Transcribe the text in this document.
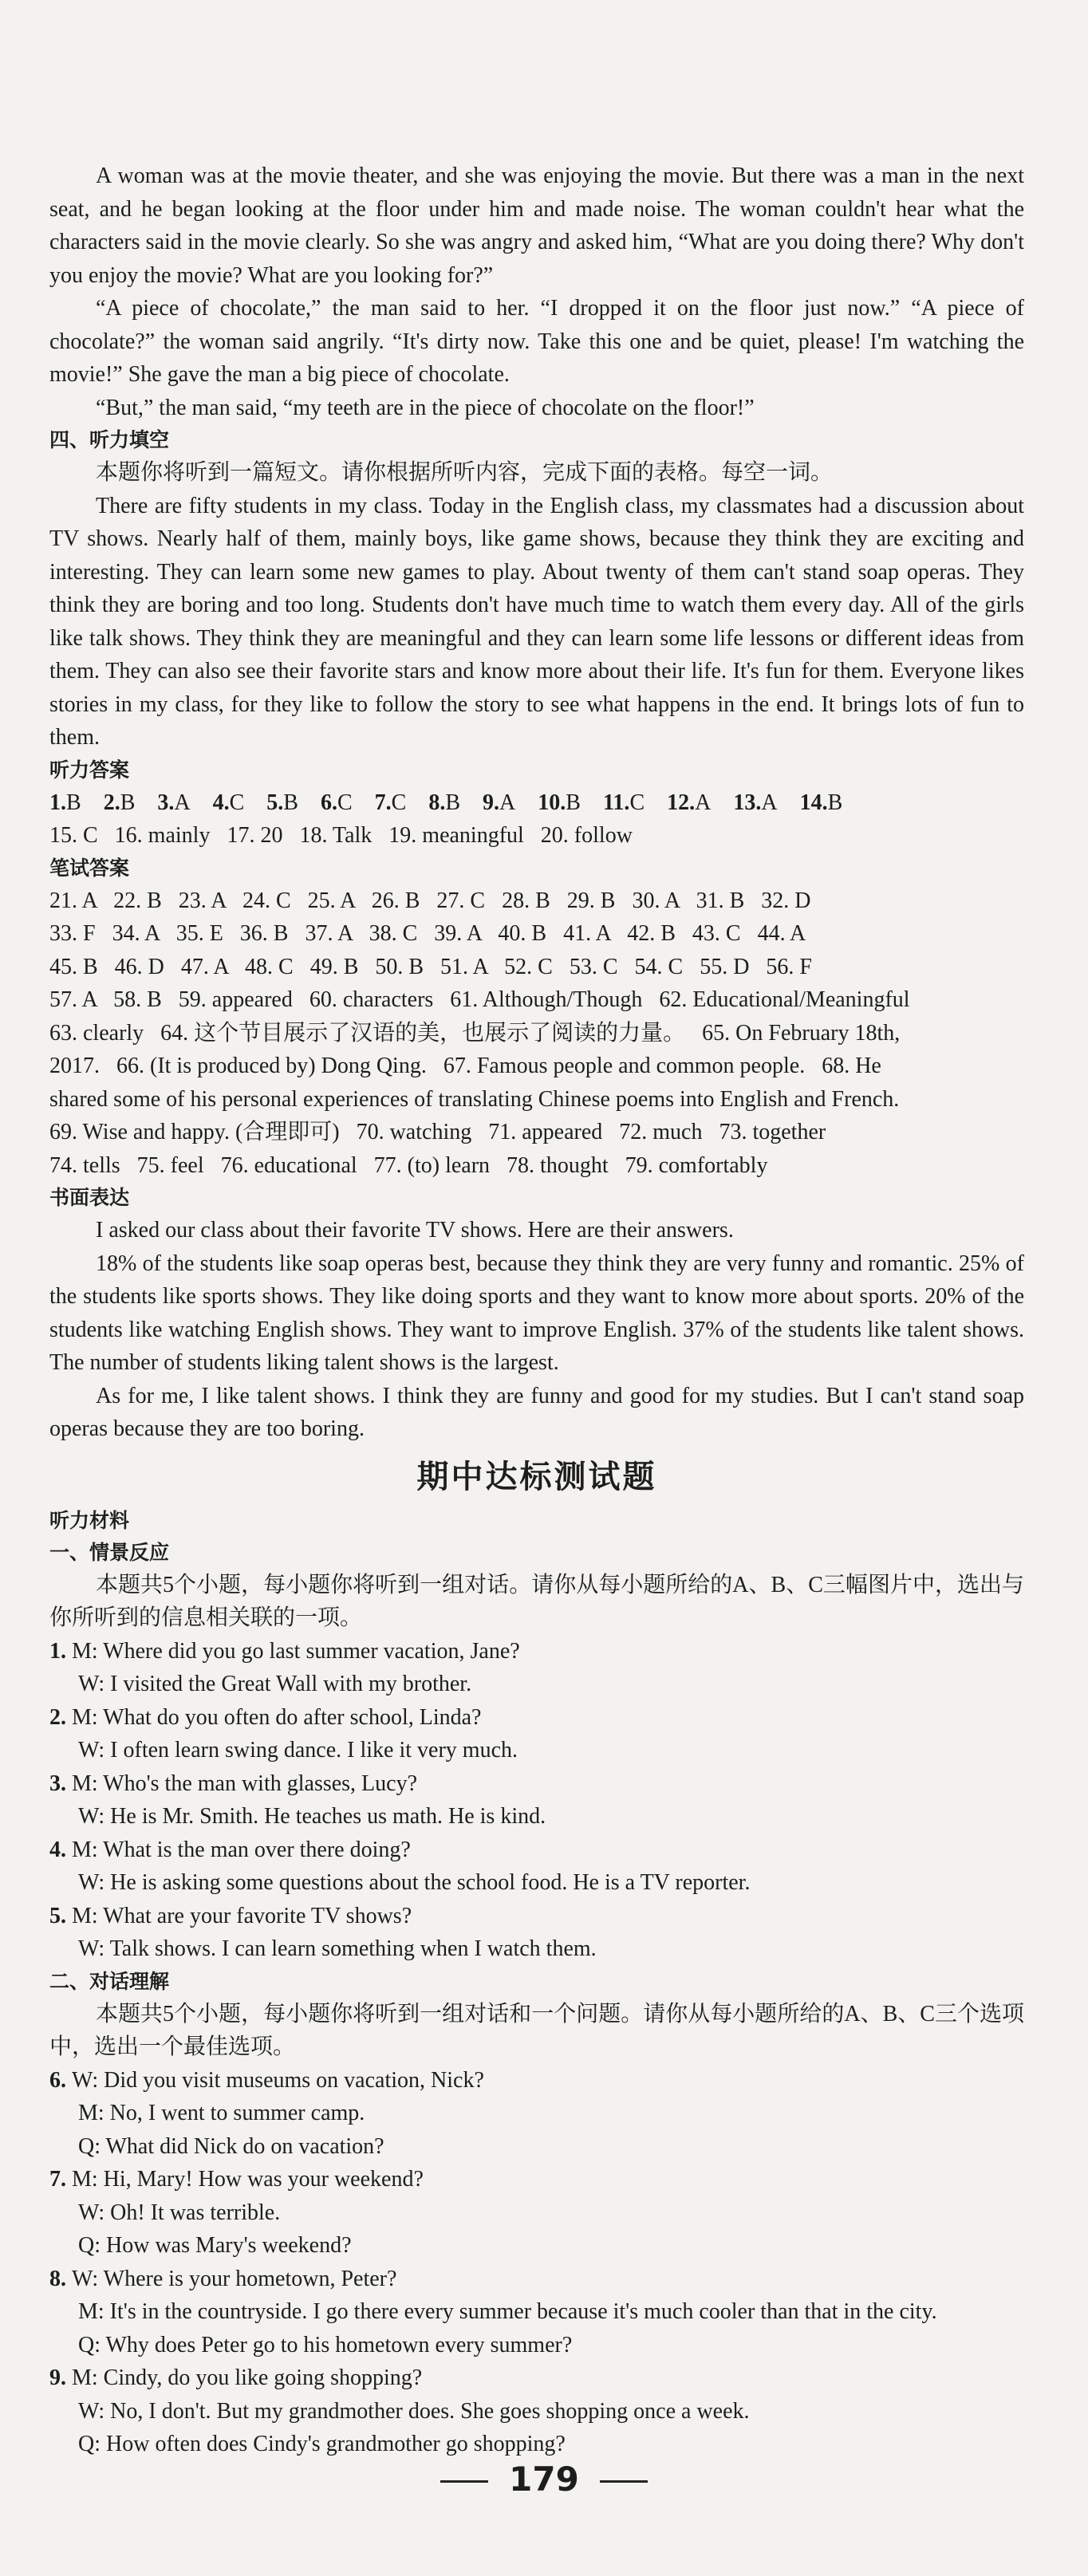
A woman was at the movie theater, and she was enjoying the movie. But there was a man in the next seat, and he began looking at the floor under him and made noise. The woman couldn't hear what the characters said in the movie clearly. So she was angry and asked him, “What are you doing there? Why don't you enjoy the movie? What are you looking for?”

“A piece of chocolate,” the man said to her. “I dropped it on the floor just now.” “A piece of chocolate?” the woman said angrily. “It's dirty now. Take this one and be quiet, please! I'm watching the movie!” She gave the man a big piece of chocolate.

“But,” the man said, “my teeth are in the piece of chocolate on the floor!”

四、听力填空

本题你将听到一篇短文。请你根据所听内容，完成下面的表格。每空一词。

There are fifty students in my class. Today in the English class, my classmates had a discussion about TV shows. Nearly half of them, mainly boys, like game shows, because they think they are exciting and interesting. They can learn some new games to play. About twenty of them can't stand soap operas. They think they are boring and too long. Students don't have much time to watch them every day. All of the girls like talk shows. They think they are meaningful and they can learn some life lessons or different ideas from them. They can also see their favorite stars and know more about their life. It's fun for them. Everyone likes stories in my class, for they like to follow the story to see what happens in the end. It brings lots of fun to them.

听力答案

1.B  2.B  3.A  4.C  5.B  6.C  7.C  8.B  9.A  10.B  11.C  12.A  13.A  14.B

15. C   16. mainly   17. 20   18. Talk   19. meaningful   20. follow

笔试答案

21. A   22. B   23. A   24. C   25. A   26. B   27. C   28. B   29. B   30. A   31. B   32. D

33. F   34. A   35. E   36. B   37. A   38. C   39. A   40. B   41. A   42. B   43. C   44. A

45. B   46. D   47. A   48. C   49. B   50. B   51. A   52. C   53. C   54. C   55. D   56. F

57. A   58. B   59. appeared   60. characters   61. Although/Though   62. Educational/Meaningful

63. clearly   64. 这个节目展示了汉语的美，也展示了阅读的力量。   65. On February 18th,

2017.   66. (It is produced by) Dong Qing.   67. Famous people and common people.   68. He

shared some of his personal experiences of translating Chinese poems into English and French.

69. Wise and happy. (合理即可)   70. watching   71. appeared   72. much   73. together

74. tells   75. feel   76. educational   77. (to) learn   78. thought   79. comfortably

书面表达

I asked our class about their favorite TV shows. Here are their answers.

18% of the students like soap operas best, because they think they are very funny and romantic. 25% of the students like sports shows. They like doing sports and they want to know more about sports. 20% of the students like watching English shows. They want to improve English. 37% of the students like talent shows. The number of students liking talent shows is the largest.

As for me, I like talent shows. I think they are funny and good for my studies. But I can't stand soap operas because they are too boring.

期中达标测试题
听力材料
一、情景反应

本题共5个小题，每小题你将听到一组对话。请你从每小题所给的A、B、C三幅图片中，选出与你所听到的信息相关联的一项。

1. M: Where did you go last summer vacation, Jane?

W: I visited the Great Wall with my brother.

2. M: What do you often do after school, Linda?

W: I often learn swing dance. I like it very much.

3. M: Who's the man with glasses, Lucy?

W: He is Mr. Smith. He teaches us math. He is kind.

4. M: What is the man over there doing?

W: He is asking some questions about the school food. He is a TV reporter.

5. M: What are your favorite TV shows?

W: Talk shows. I can learn something when I watch them.

二、对话理解

本题共5个小题，每小题你将听到一组对话和一个问题。请你从每小题所给的A、B、C三个选项中，选出一个最佳选项。

6. W: Did you visit museums on vacation, Nick?

M: No, I went to summer camp.

Q: What did Nick do on vacation?

7. M: Hi, Mary! How was your weekend?

W: Oh! It was terrible.

Q: How was Mary's weekend?

8. W: Where is your hometown, Peter?

M: It's in the countryside. I go there every summer because it's much cooler than that in the city.

Q: Why does Peter go to his hometown every summer?

9. M: Cindy, do you like going shopping?

W: No, I don't. But my grandmother does. She goes shopping once a week.

Q: How often does Cindy's grandmother go shopping?

179
